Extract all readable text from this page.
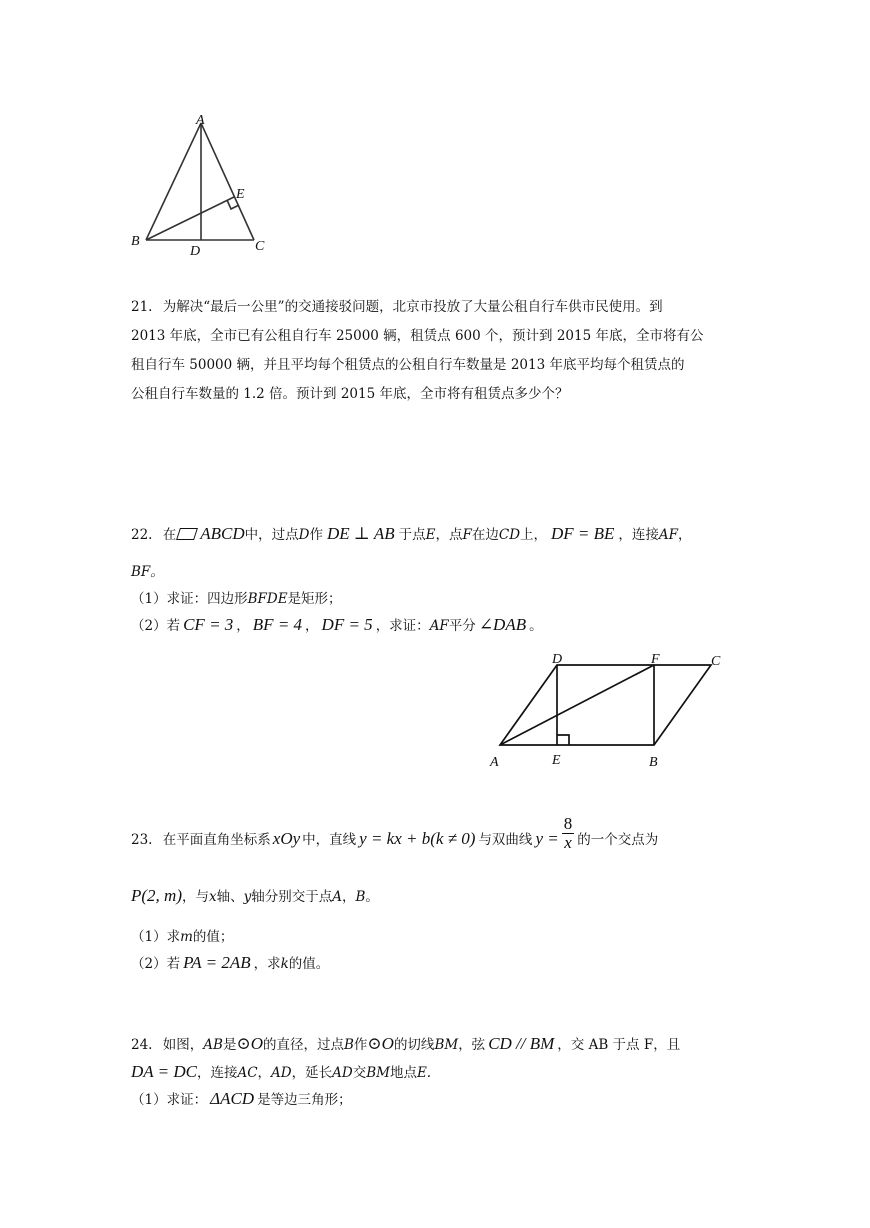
A
B	C
D
E
21. 为解决“最后一公里”的交通接驳问题，北京市投放了大量公租自行车供市民使用。到
2013 年底，全市已有公租自行车 25000 辆，租赁点 600 个，预计到 2015 年底，全市将有公
租自行车 50000 辆，并且平均每个租赁点的公租自行车数量是 2013 年底平均每个租赁点的
公租自行车数量的 1.2 倍。预计到 2015 年底，全市将有租赁点多少个？
22. 在 ABCD中，过点D作 DE ⊥ AB 于点E，点F在边CD上， DF = BE ，连接AF，
BF。
（1）求证：四边形BFDE是矩形；
（2）若 CF = 3 ， BF = 4 ， DF = 5 ，求证：AF平分 ∠DAB 。
A	B
C
D
E
F
23. 在平面直角坐标系 xOy 中，直线 y = kx + b(k ≠ 0) 与双曲线 $y = \frac{8}{x}$ 的一个交点为
P(2, m)，与x轴、y轴分别交于点A，B。
（1）求m的值；
（2）若 PA = 2AB ，求k的值。
24. 如图，AB是⊙O的直径，过点B作⊙O的切线BM，弦 CD // BM ，交 AB 于点 F，且
DA = DC，连接AC，AD，延长AD交BM地点E.
（1）求证： ΔACD 是等边三角形；
